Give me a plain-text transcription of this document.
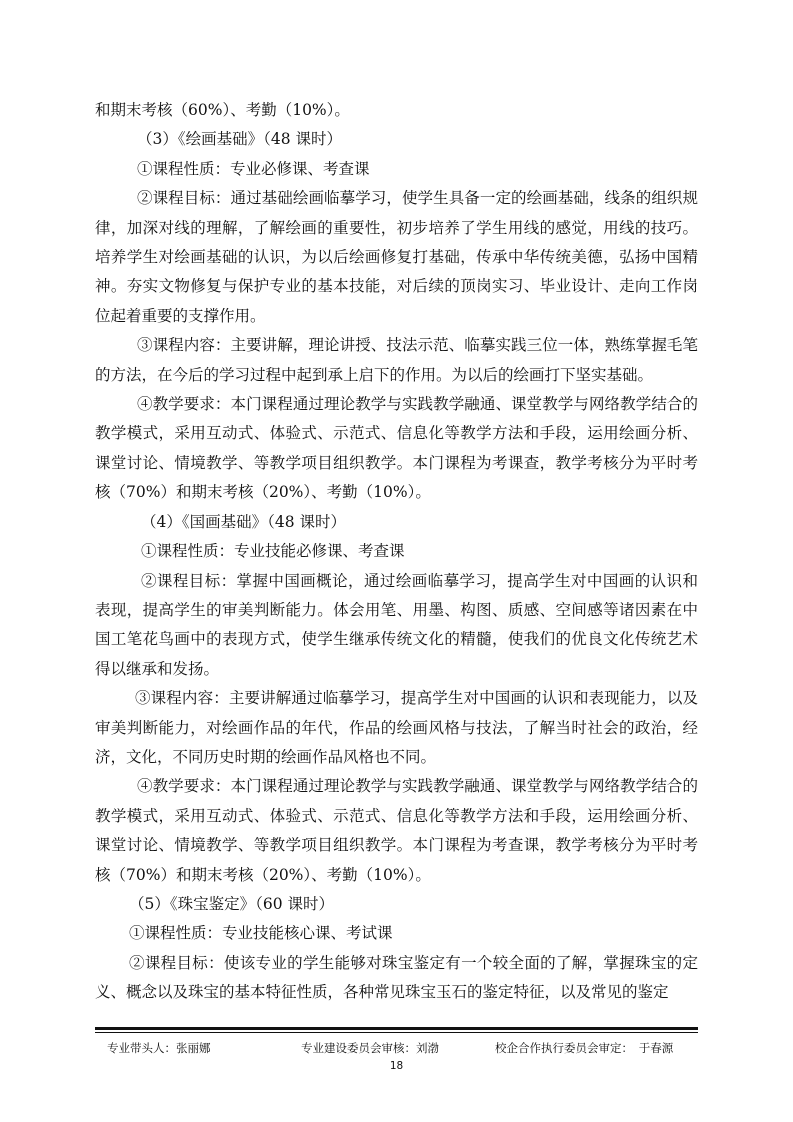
和期末考核（60%）、考勤（10%）。

（3）《绘画基础》（48 课时）

①课程性质：专业必修课、考查课

②课程目标：通过基础绘画临摹学习，使学生具备一定的绘画基础，线条的组织规律，加深对线的理解，了解绘画的重要性，初步培养了学生用线的感觉，用线的技巧。培养学生对绘画基础的认识，为以后绘画修复打基础，传承中华传统美德，弘扬中国精神。夯实文物修复与保护专业的基本技能，对后续的顶岗实习、毕业设计、走向工作岗位起着重要的支撑作用。

③课程内容：主要讲解，理论讲授、技法示范、临摹实践三位一体，熟练掌握毛笔的方法，在今后的学习过程中起到承上启下的作用。为以后的绘画打下坚实基础。

④教学要求：本门课程通过理论教学与实践教学融通、课堂教学与网络教学结合的教学模式，采用互动式、体验式、示范式、信息化等教学方法和手段，运用绘画分析、课堂讨论、情境教学、等教学项目组织教学。本门课程为考课查，教学考核分为平时考核（70%）和期末考核（20%）、考勤（10%）。

（4）《国画基础》（48 课时）

①课程性质：专业技能必修课、考查课

②课程目标：掌握中国画概论，通过绘画临摹学习，提高学生对中国画的认识和表现，提高学生的审美判断能力。体会用笔、用墨、构图、质感、空间感等诸因素在中国工笔花鸟画中的表现方式，使学生继承传统文化的精髓，使我们的优良文化传统艺术得以继承和发扬。

③课程内容：主要讲解通过临摹学习，提高学生对中国画的认识和表现能力，以及审美判断能力，对绘画作品的年代，作品的绘画风格与技法，了解当时社会的政治，经济，文化，不同历史时期的绘画作品风格也不同。

④教学要求：本门课程通过理论教学与实践教学融通、课堂教学与网络教学结合的教学模式，采用互动式、体验式、示范式、信息化等教学方法和手段，运用绘画分析、课堂讨论、情境教学、等教学项目组织教学。本门课程为考查课，教学考核分为平时考核（70%）和期末考核（20%）、考勤（10%）。

（5）《珠宝鉴定》（60 课时）

①课程性质：专业技能核心课、考试课

②课程目标：使该专业的学生能够对珠宝鉴定有一个较全面的了解，掌握珠宝的定义、概念以及珠宝的基本特征性质，各种常见珠宝玉石的鉴定特征，以及常见的鉴定

专业带头人：张丽娜	专业建设委员会审核：刘渤	校企合作执行委员会审定：　于春源
18
